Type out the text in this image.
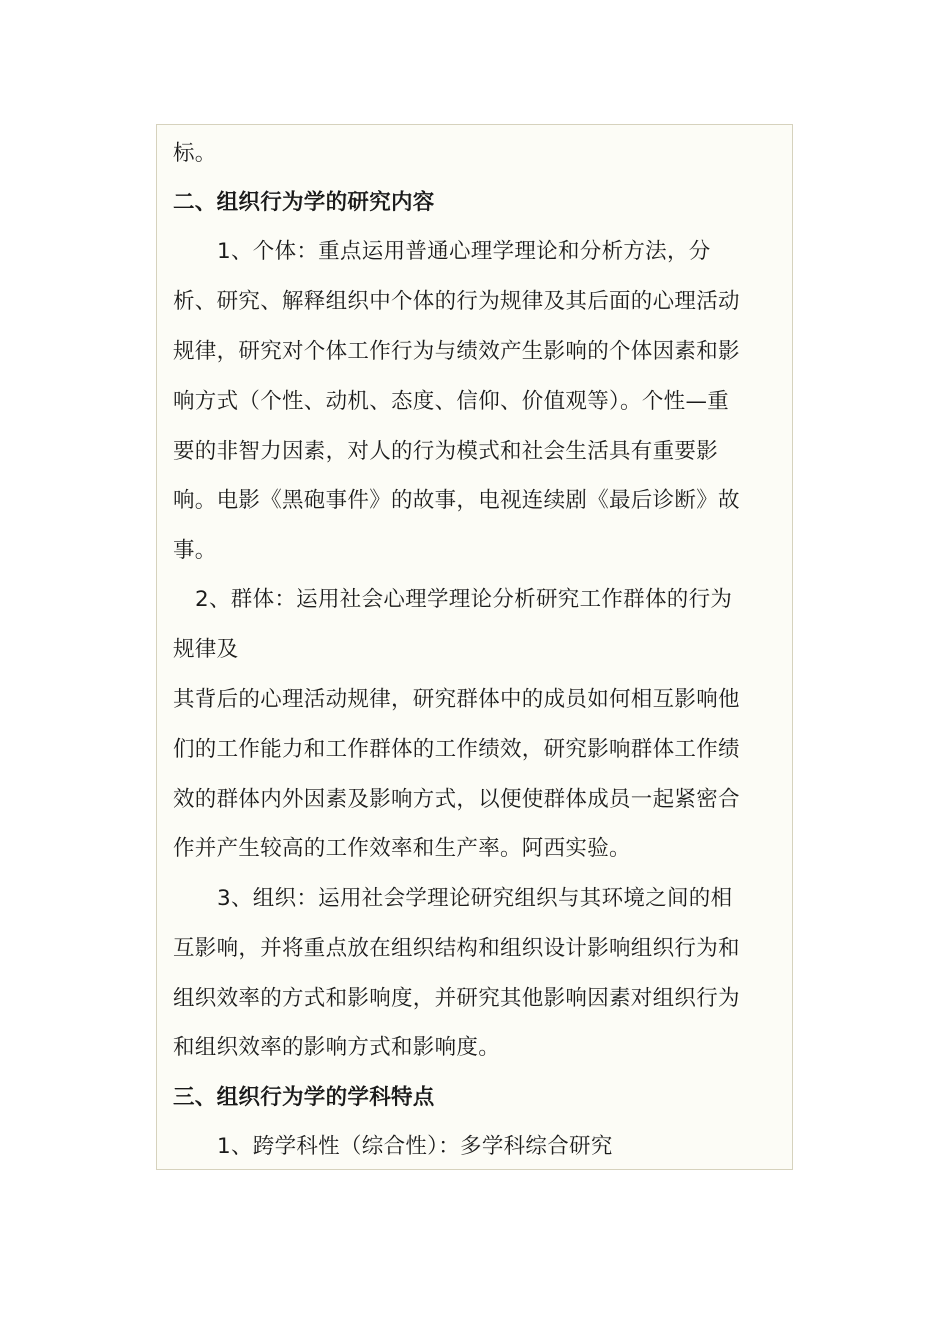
标。
二、组织行为学的研究内容
1、个体：重点运用普通心理学理论和分析方法，分
析、研究、解释组织中个体的行为规律及其后面的心理活动
规律，研究对个体工作行为与绩效产生影响的个体因素和影
响方式（个性、动机、态度、信仰、价值观等）。个性—重
要的非智力因素，对人的行为模式和社会生活具有重要影
响。电影《黑砲事件》的故事，电视连续剧《最后诊断》故
事。
2、群体：运用社会心理学理论分析研究工作群体的行为
规律及
其背后的心理活动规律，研究群体中的成员如何相互影响他
们的工作能力和工作群体的工作绩效，研究影响群体工作绩
效的群体内外因素及影响方式，以便使群体成员一起紧密合
作并产生较高的工作效率和生产率。阿西实验。
3、组织：运用社会学理论研究组织与其环境之间的相
互影响，并将重点放在组织结构和组织设计影响组织行为和
组织效率的方式和影响度，并研究其他影响因素对组织行为
和组织效率的影响方式和影响度。
三、组织行为学的学科特点
1、跨学科性（综合性）：多学科综合研究
